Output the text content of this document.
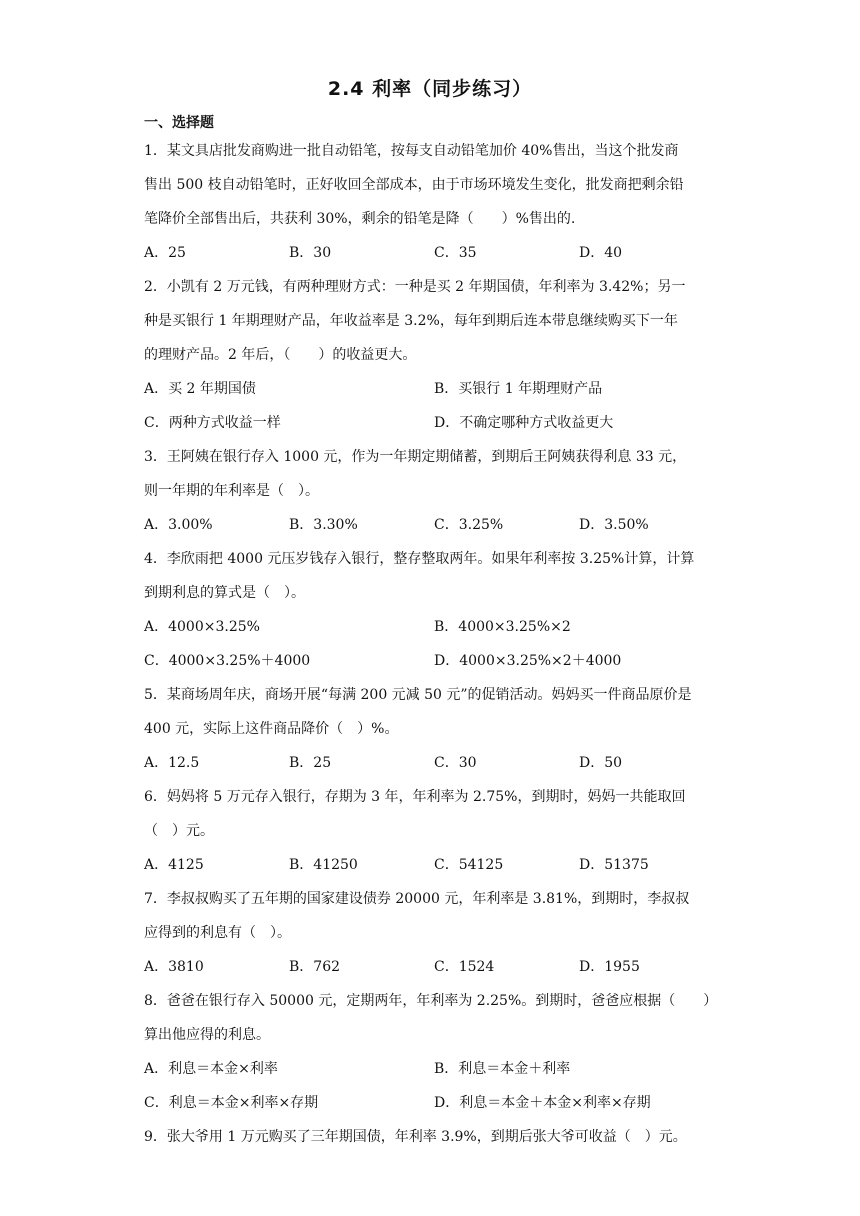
2.4 利率（同步练习）
一、选择题
1．某文具店批发商购进一批自动铅笔，按每支自动铅笔加价 40%售出，当这个批发商
售出 500 枝自动铅笔时，正好收回全部成本，由于市场环境发生变化，批发商把剩余铅
笔降价全部售出后，共获利 30%，剩余的铅笔是降（　　）%售出的.
A．25	B．30	C．35	D．40
2．小凯有 2 万元钱，有两种理财方式：一种是买 2 年期国债，年利率为 3.42%；另一
种是买银行 1 年期理财产品，年收益率是 3.2%，每年到期后连本带息继续购买下一年
的理财产品。2 年后，（　　）的收益更大。
A．买 2 年期国债	B．买银行 1 年期理财产品
C．两种方式收益一样	D．不确定哪种方式收益更大
3．王阿姨在银行存入 1000 元，作为一年期定期储蓄，到期后王阿姨获得利息 33 元，
则一年期的年利率是（　）。
A．3.00%	B．3.30%	C．3.25%	D．3.50%
4．李欣雨把 4000 元压岁钱存入银行，整存整取两年。如果年利率按 3.25%计算，计算
到期利息的算式是（　）。
A．4000×3.25%	B．4000×3.25%×2
C．4000×3.25%＋4000	D．4000×3.25%×2＋4000
5．某商场周年庆，商场开展“每满 200 元减 50 元”的促销活动。妈妈买一件商品原价是
400 元，实际上这件商品降价（　）%。
A．12.5	B．25	C．30	D．50
6．妈妈将 5 万元存入银行，存期为 3 年，年利率为 2.75%，到期时，妈妈一共能取回
（　）元。
A．4125	B．41250	C．54125	D．51375
7．李叔叔购买了五年期的国家建设债券 20000 元，年利率是 3.81%，到期时，李叔叔
应得到的利息有（　）。
A．3810	B．762	C．1524	D．1955
8．爸爸在银行存入 50000 元，定期两年，年利率为 2.25%。到期时，爸爸应根据（　　）
算出他应得的利息。
A．利息＝本金×利率	B．利息＝本金＋利率
C．利息＝本金×利率×存期	D．利息＝本金＋本金×利率×存期
9．张大爷用 1 万元购买了三年期国债，年利率 3.9%，到期后张大爷可收益（　）元。
